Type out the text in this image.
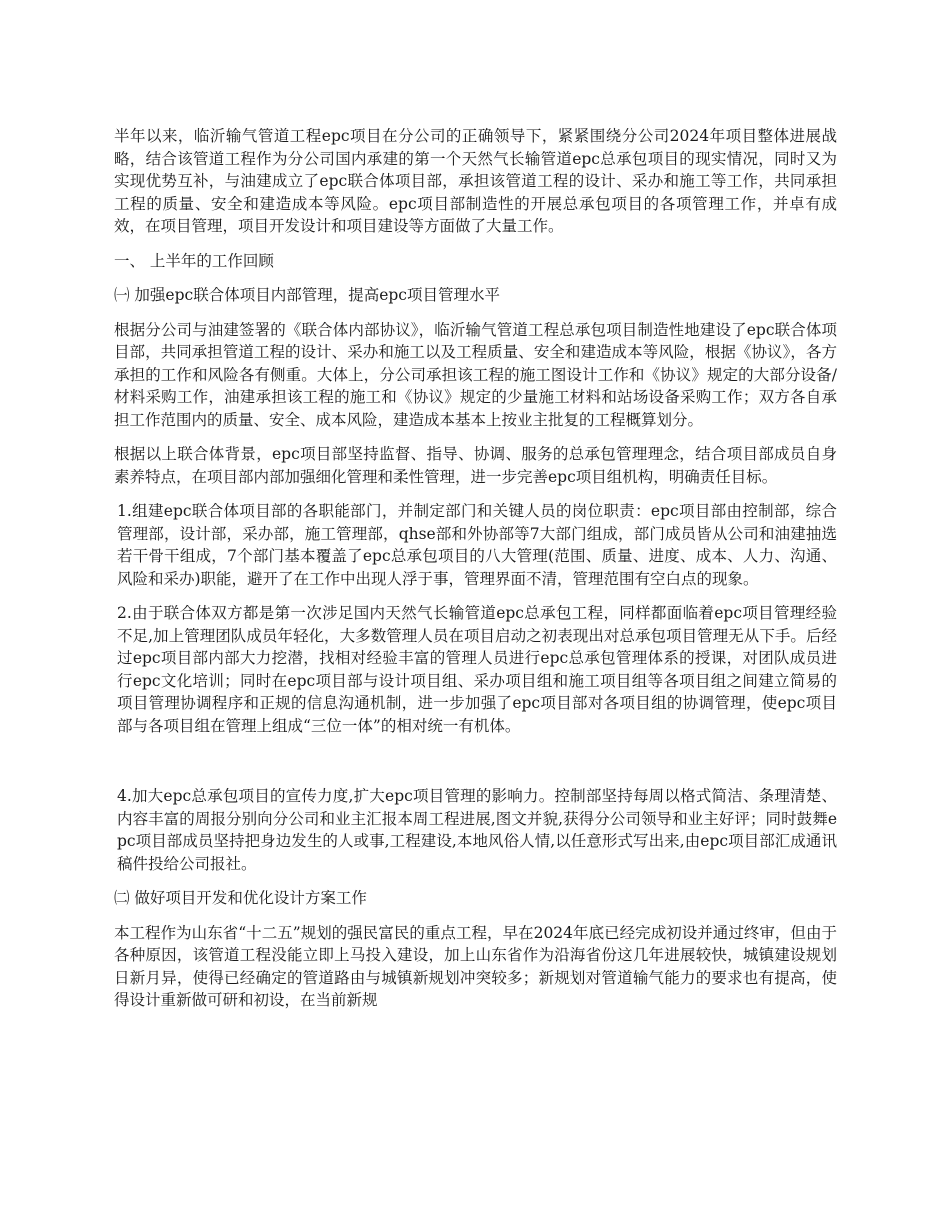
半年以来，临沂输气管道工程epc项目在分公司的正确领导下，紧紧围绕分公司2024年项目整体进展战略，结合该管道工程作为分公司国内承建的第一个天然气长输管道epc总承包项目的现实情况，同时又为实现优势互补，与油建成立了epc联合体项目部，承担该管道工程的设计、采办和施工等工作，共同承担工程的质量、安全和建造成本等风险。epc项目部制造性的开展总承包项目的各项管理工作，并卓有成效，在项目管理，项目开发设计和项目建设等方面做了大量工作。

一、 上半年的工作回顾

㈠ 加强epc联合体项目内部管理，提高epc项目管理水平

根据分公司与油建签署的《联合体内部协议》，临沂输气管道工程总承包项目制造性地建设了epc联合体项目部，共同承担管道工程的设计、采办和施工以及工程质量、安全和建造成本等风险，根据《协议》，各方承担的工作和风险各有侧重。大体上，分公司承担该工程的施工图设计工作和《协议》规定的大部分设备/材料采购工作，油建承担该工程的施工和《协议》规定的少量施工材料和站场设备采购工作；双方各自承担工作范围内的质量、安全、成本风险，建造成本基本上按业主批复的工程概算划分。

根据以上联合体背景，epc项目部坚持监督、指导、协调、服务的总承包管理理念，结合项目部成员自身素养特点，在项目部内部加强细化管理和柔性管理，进一步完善epc项目组机构，明确责任目标。

1.组建epc联合体项目部的各职能部门，并制定部门和关键人员的岗位职责：epc项目部由控制部，综合管理部，设计部，采办部，施工管理部，qhse部和外协部等7大部门组成，部门成员皆从公司和油建抽选若干骨干组成，7个部门基本覆盖了epc总承包项目的八大管理(范围、质量、进度、成本、人力、沟通、风险和采办)职能，避开了在工作中出现人浮于事，管理界面不清，管理范围有空白点的现象。

2.由于联合体双方都是第一次涉足国内天然气长输管道epc总承包工程，同样都面临着epc项目管理经验不足,加上管理团队成员年轻化，大多数管理人员在项目启动之初表现出对总承包项目管理无从下手。后经过epc项目部内部大力挖潜，找相对经验丰富的管理人员进行epc总承包管理体系的授课，对团队成员进行epc文化培训；同时在epc项目部与设计项目组、采办项目组和施工项目组等各项目组之间建立简易的项目管理协调程序和正规的信息沟通机制，进一步加强了epc项目部对各项目组的协调管理，使epc项目部与各项目组在管理上组成“三位一体”的相对统一有机体。

4.加大epc总承包项目的宣传力度,扩大epc项目管理的影响力。控制部坚持每周以格式简洁、条理清楚、内容丰富的周报分别向分公司和业主汇报本周工程进展,图文并貌,获得分公司领导和业主好评；同时鼓舞epc项目部成员坚持把身边发生的人或事,工程建设,本地风俗人情,以任意形式写出来,由epc项目部汇成通讯稿件投给公司报社。

㈡ 做好项目开发和优化设计方案工作

本工程作为山东省“十二五”规划的强民富民的重点工程，早在2024年底已经完成初设并通过终审，但由于各种原因，该管道工程没能立即上马投入建设，加上山东省作为沿海省份这几年进展较快，城镇建设规划日新月异，使得已经确定的管道路由与城镇新规划冲突较多；新规划对管道输气能力的要求也有提高，使得设计重新做可研和初设，在当前新规
